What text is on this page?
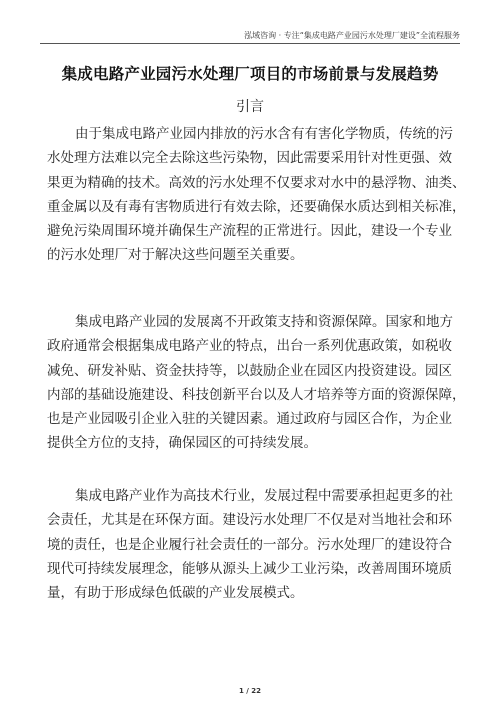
泓域咨询 · 专注“集成电路产业园污水处理厂建设”全流程服务
集成电路产业园污水处理厂项目的市场前景与发展趋势
引言
由于集成电路产业园内排放的污水含有有害化学物质，传统的污
水处理方法难以完全去除这些污染物，因此需要采用针对性更强、效
果更为精确的技术。高效的污水处理不仅要求对水中的悬浮物、油类、
重金属以及有毒有害物质进行有效去除，还要确保水质达到相关标准，
避免污染周围环境并确保生产流程的正常进行。因此，建设一个专业
的污水处理厂对于解决这些问题至关重要。
集成电路产业园的发展离不开政策支持和资源保障。国家和地方
政府通常会根据集成电路产业的特点，出台一系列优惠政策，如税收
减免、研发补贴、资金扶持等，以鼓励企业在园区内投资建设。园区
内部的基础设施建设、科技创新平台以及人才培养等方面的资源保障，
也是产业园吸引企业入驻的关键因素。通过政府与园区合作，为企业
提供全方位的支持，确保园区的可持续发展。
集成电路产业作为高技术行业，发展过程中需要承担起更多的社
会责任，尤其是在环保方面。建设污水处理厂不仅是对当地社会和环
境的责任，也是企业履行社会责任的一部分。污水处理厂的建设符合
现代可持续发展理念，能够从源头上减少工业污染，改善周围环境质
量，有助于形成绿色低碳的产业发展模式。
1 / 22
